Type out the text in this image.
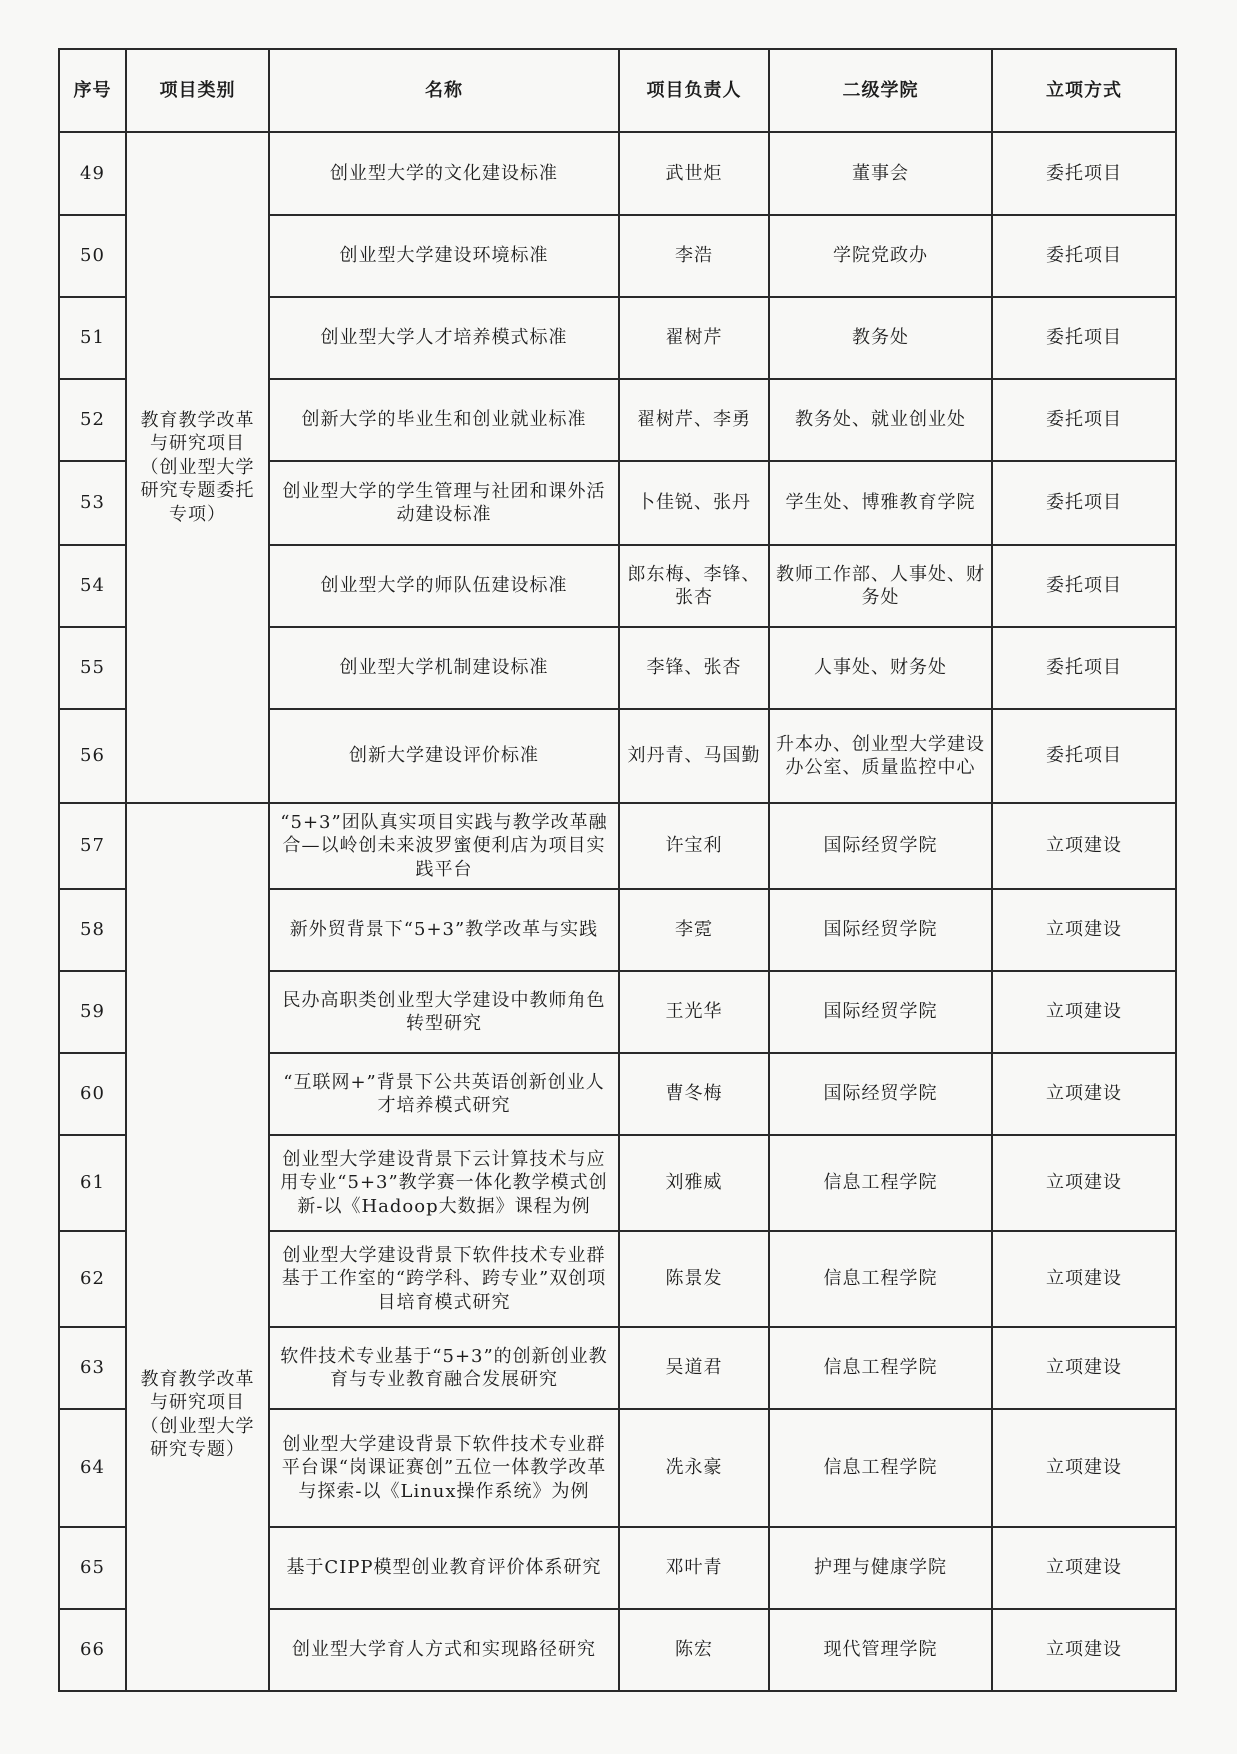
序号	项目类别	名称	项目负责人	二级学院	立项方式
49	教育教学改革与研究项目（创业型大学研究专题委托专项）	创业型大学的文化建设标准	武世炬	董事会	委托项目
50		创业型大学建设环境标准	李浩	学院党政办	委托项目
51		创业型大学人才培养模式标准	翟树芹	教务处	委托项目
52		创新大学的毕业生和创业就业标准	翟树芹、李勇	教务处、就业创业处	委托项目
53		创业型大学的学生管理与社团和课外活动建设标准	卜佳锐、张丹	学生处、博雅教育学院	委托项目
54		创业型大学的师队伍建设标准	郎东梅、李锋、张杏	教师工作部、人事处、财务处	委托项目
55		创业型大学机制建设标准	李锋、张杏	人事处、财务处	委托项目
56		创新大学建设评价标准	刘丹青、马国勤	升本办、创业型大学建设办公室、质量监控中心	委托项目
57	教育教学改革与研究项目（创业型大学研究专题）	“5+3”团队真实项目实践与教学改革融合—以岭创未来波罗蜜便利店为项目实践平台	许宝利	国际经贸学院	立项建设
58		新外贸背景下“5+3”教学改革与实践	李霓	国际经贸学院	立项建设
59		民办高职类创业型大学建设中教师角色转型研究	王光华	国际经贸学院	立项建设
60		“互联网+”背景下公共英语创新创业人才培养模式研究	曹冬梅	国际经贸学院	立项建设
61		创业型大学建设背景下云计算技术与应用专业“5+3”教学赛一体化教学模式创新-以《Hadoop大数据》课程为例	刘雅威	信息工程学院	立项建设
62		创业型大学建设背景下软件技术专业群基于工作室的“跨学科、跨专业”双创项目培育模式研究	陈景发	信息工程学院	立项建设
63		软件技术专业基于“5+3”的创新创业教育与专业教育融合发展研究	吴道君	信息工程学院	立项建设
64		创业型大学建设背景下软件技术专业群平台课“岗课证赛创”五位一体教学改革与探索-以《Linux操作系统》为例	冼永豪	信息工程学院	立项建设
65		基于CIPP模型创业教育评价体系研究	邓叶青	护理与健康学院	立项建设
66		创业型大学育人方式和实现路径研究	陈宏	现代管理学院	立项建设
